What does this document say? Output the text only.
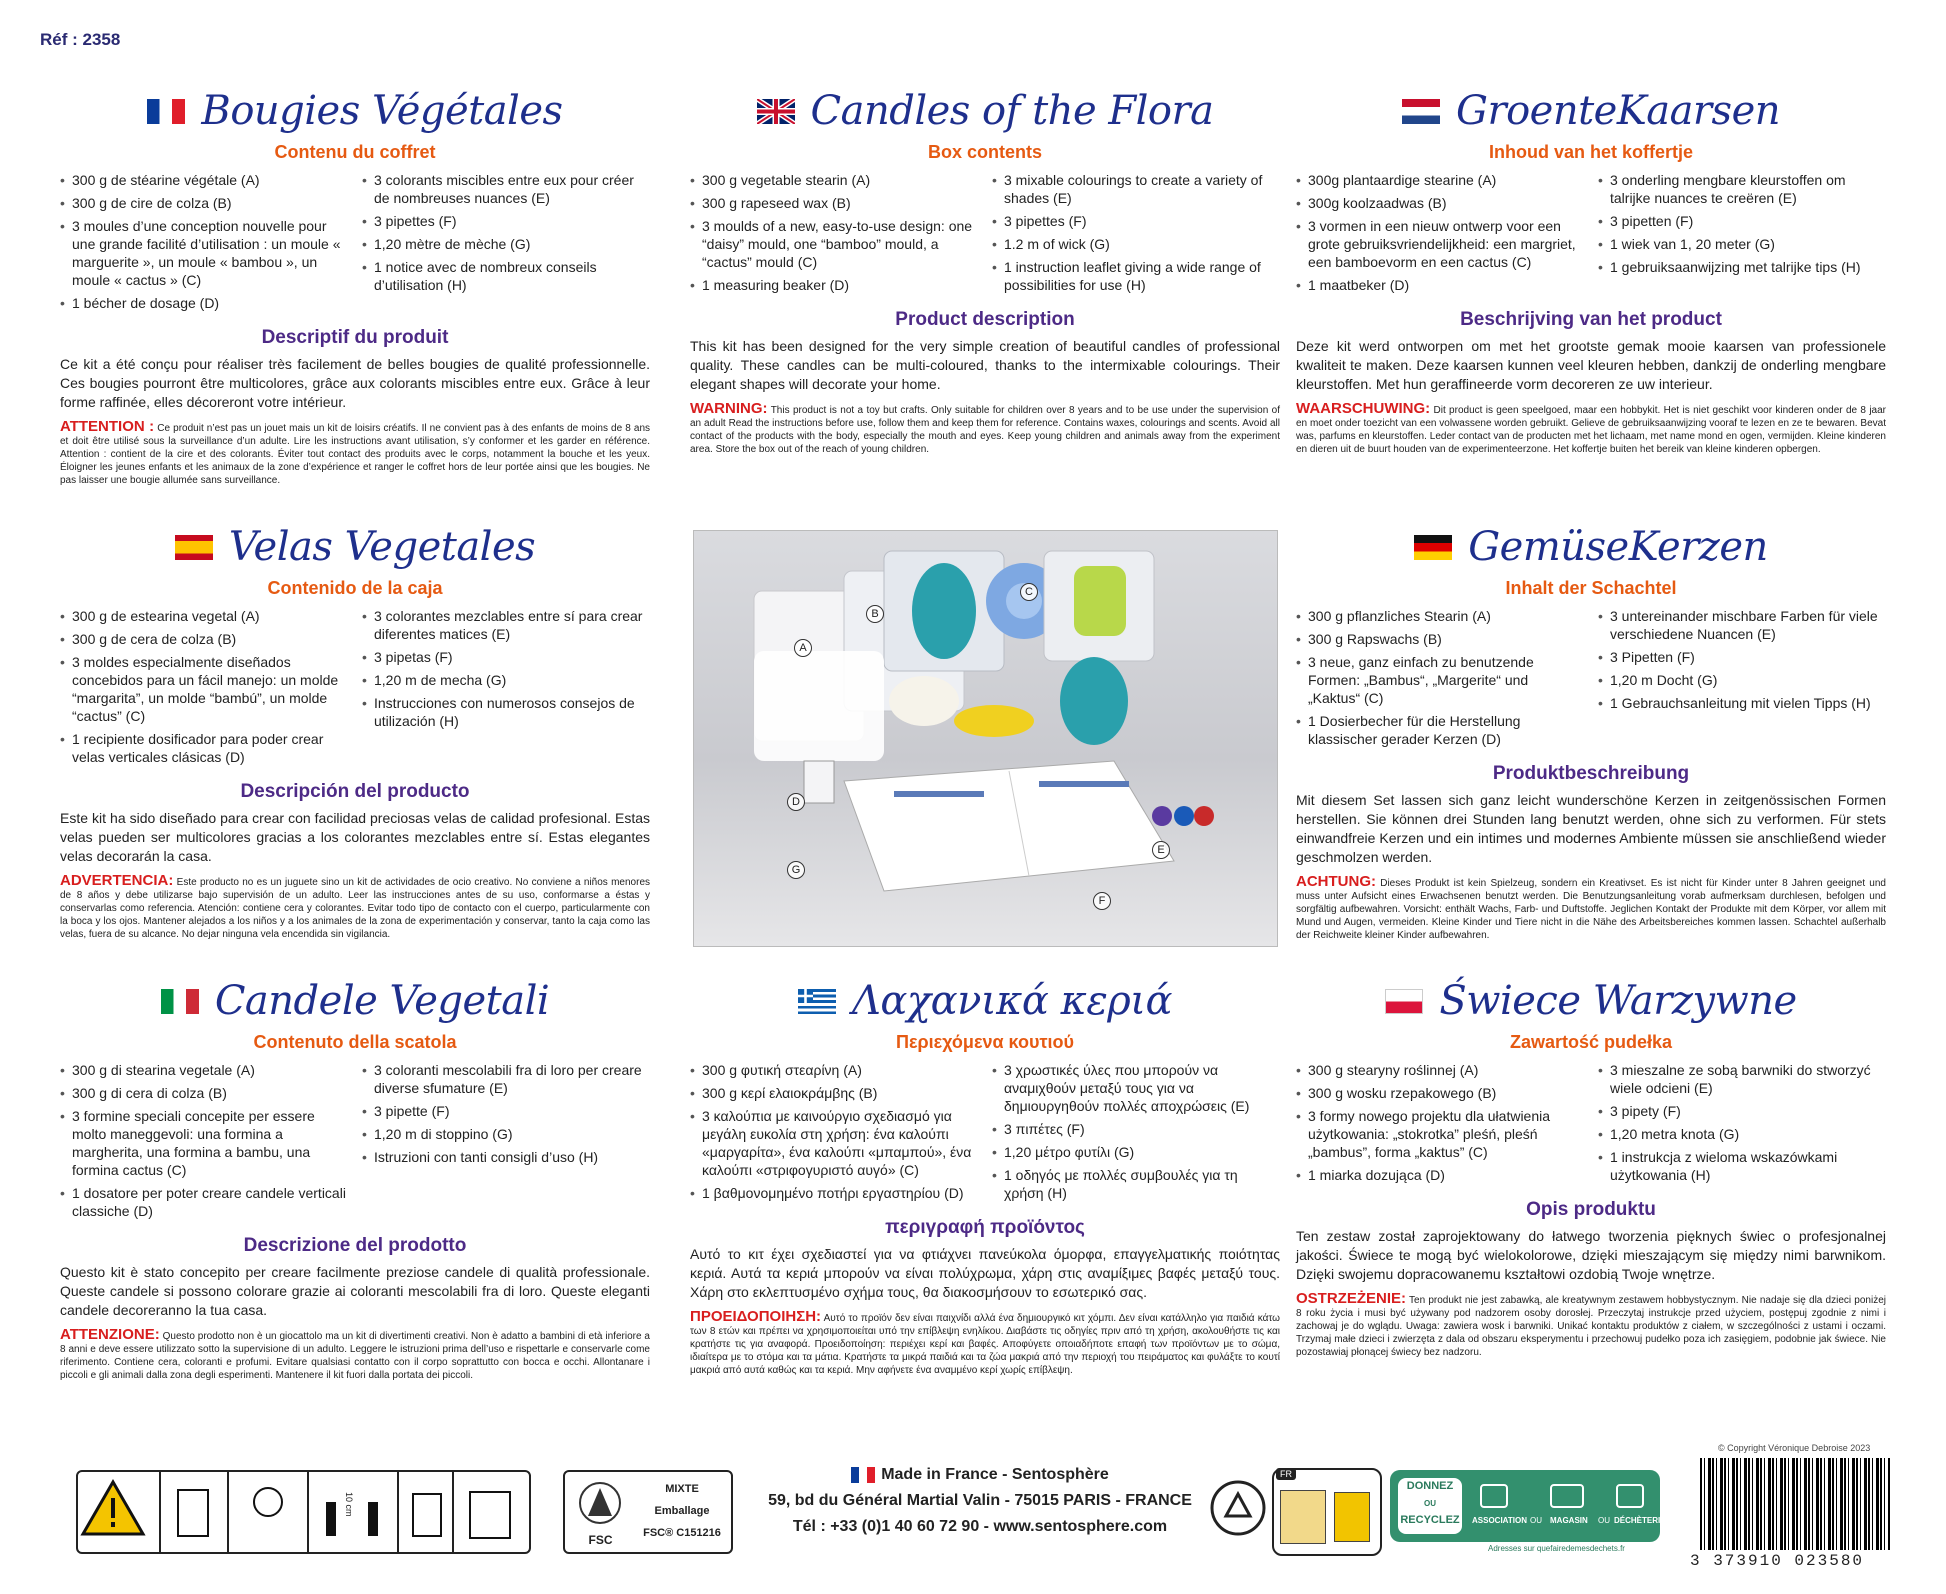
Réf : 2358
Bougies Végétales
Contenu du coffret
• 300 g de stéarine végétale (A)
• 300 g de cire de colza (B)
• 3 moules d’une conception nouvelle pour une grande facilité d’utilisation : un moule « marguerite », un moule « bambou », un moule « cactus » (C)
• 1 bécher de dosage (D)
• 3 colorants miscibles entre eux pour créer de nombreuses nuances (E)
• 3 pipettes (F)
• 1,20 mètre de mèche (G)
• 1 notice avec de nombreux conseils d’utilisation (H)
Descriptif du produit
Ce kit a été conçu pour réaliser très facilement de belles bougies de qualité professionnelle. Ces bougies pourront être multicolores, grâce aux colorants miscibles entre eux. Grâce à leur forme raffinée, elles décoreront votre intérieur.
ATTENTION : Ce produit n’est pas un jouet mais un kit de loisirs créatifs. Il ne convient pas à des enfants de moins de 8 ans et doit être utilisé sous la surveillance d’un adulte. Lire les instructions avant utilisation, s’y conformer et les garder en référence. Attention : contient de la cire et des colorants. Éviter tout contact des produits avec le corps, notamment la bouche et les yeux. Éloigner les jeunes enfants et les animaux de la zone d’expérience et ranger le coffret hors de leur portée ainsi que les bougies. Ne pas laisser une bougie allumée sans surveillance.
Candles of the Flora
Box contents
• 300 g vegetable stearin (A)
• 300 g rapeseed wax (B)
• 3 moulds of a new, easy-to-use design: one “daisy” mould, one “bamboo” mould, a “cactus” mould (C)
• 1 measuring beaker (D)
• 3 mixable colourings to create a variety of shades (E)
• 3 pipettes (F)
• 1.2 m of wick (G)
• 1 instruction leaflet giving a wide range of possibilities for use (H)
Product description
This kit has been designed for the very simple creation of beautiful candles of professional quality. These candles can be multi-coloured, thanks to the intermixable colourings. Their elegant shapes will decorate your home.
WARNING: This product is not a toy but crafts. Only suitable for children over 8 years and to be use under the supervision of an adult Read the instructions before use, follow them and keep them for reference. Contains waxes, colourings and scents. Avoid all contact of the products with the body, especially the mouth and eyes. Keep young children and animals away from the experiment area. Store the box out of the reach of young children.
GroenteKaarsen
Inhoud van het koffertje
• 300g plantaardige stearine (A)
• 300g koolzaadwas (B)
• 3 vormen in een nieuw ontwerp voor een grote gebruiksvriendelijkheid: een margriet, een bamboevorm en een cactus (C)
• 1 maatbeker (D)
• 3 onderling mengbare kleurstoffen om talrijke nuances te creëren (E)
• 3 pipetten (F)
• 1 wiek van 1, 20 meter (G)
• 1 gebruiksaanwijzing met talrijke tips (H)
Beschrijving van het product
Deze kit werd ontworpen om met het grootste gemak mooie kaarsen van professionele kwaliteit te maken. Deze kaarsen kunnen veel kleuren hebben, dankzij de onderling mengbare kleurstoffen. Met hun geraffineerde vorm decoreren ze uw interieur.
WAARSCHUWING: Dit product is geen speelgoed, maar een hobbykit. Het is niet geschikt voor kinderen onder de 8 jaar en moet onder toezicht van een volwassene worden gebruikt. Gelieve de gebruiksaanwijzing vooraf te lezen en ze te bewaren. Bevat was, parfums en kleurstoffen. Leder contact van de producten met het lichaam, met name mond en ogen, vermijden. Kleine kinderen en dieren uit de buurt houden van de experimenteerzone. Het koffertje buiten het bereik van kleine kinderen opbergen.
Velas Vegetales
Contenido de la caja
• 300 g de estearina vegetal (A)
• 300 g de cera de colza (B)
• 3 moldes especialmente diseñados concebidos para un fácil manejo: un molde “margarita”, un molde “bambú”, un molde “cactus” (C)
• 1 recipiente dosificador para poder crear velas verticales clásicas (D)
• 3 colorantes mezclables entre sí para crear diferentes matices (E)
• 3 pipetas (F)
• 1,20 m de mecha (G)
• Instrucciones con numerosos consejos de utilización (H)
Descripción del producto
Este kit ha sido diseñado para crear con facilidad preciosas velas de calidad profesional. Estas velas pueden ser multicolores gracias a los colorantes mezclables entre sí. Estas elegantes velas decorarán la casa.
ADVERTENCIA: Este producto no es un juguete sino un kit de actividades de ocio creativo. No conviene a niños menores de 8 años y debe utilizarse bajo supervisión de un adulto. Leer las instrucciones antes de su uso, conformarse a éstas y conservarlas como referencia. Atención: contiene cera y colorantes. Evitar todo tipo de contacto con el cuerpo, particularmente con la boca y los ojos. Mantener alejados a los niños y a los animales de la zona de experimentación y conservar, tanto la caja como las velas, fuera de su alcance. No dejar ninguna vela encendida sin vigilancia.
GemüseKerzen
Inhalt der Schachtel
• 300 g pflanzliches Stearin (A)
• 300 g Rapswachs (B)
• 3 neue, ganz einfach zu benutzende Formen: „Bambus“, „Margerite“ und „Kaktus“ (C)
• 1 Dosierbecher für die Herstellung klassischer gerader Kerzen (D)
• 3 untereinander mischbare Farben für viele verschiedene Nuancen (E)
• 3 Pipetten (F)
• 1,20 m Docht (G)
• 1 Gebrauchsanleitung mit vielen Tipps (H)
Produktbeschreibung
Mit diesem Set lassen sich ganz leicht wunderschöne Kerzen in zeitgenössischen Formen herstellen. Sie können drei Stunden lang benutzt werden, ohne sich zu verformen. Für stets einwandfreie Kerzen und ein intimes und modernes Ambiente müssen sie anschließend wieder geschmolzen werden.
ACHTUNG: Dieses Produkt ist kein Spielzeug, sondern ein Kreativset. Es ist nicht für Kinder unter 8 Jahren geeignet und muss unter Aufsicht eines Erwachsenen benutzt werden. Die Benutzungsanleitung vorab aufmerksam durchlesen, befolgen und sorgfältig aufbewahren. Vorsicht: enthält Wachs, Farb- und Duftstoffe. Jeglichen Kontakt der Produkte mit dem Körper, vor allem mit Mund und Augen, vermeiden. Kleine Kinder und Tiere nicht in die Nähe des Arbeitsbereiches kommen lassen. Schachtel außerhalb der Reichweite kleiner Kinder aufbewahren.
Candele Vegetali
Contenuto della scatola
• 300 g di stearina vegetale (A)
• 300 g di cera di colza (B)
• 3 formine speciali concepite per essere molto maneggevoli: una formina a margherita, una formina a bambu, una formina cactus (C)
• 1 dosatore per poter creare candele verticali classiche (D)
• 3 coloranti mescolabili fra di loro per creare diverse sfumature (E)
• 3 pipette (F)
• 1,20 m di stoppino (G)
• Istruzioni con tanti consigli d’uso (H)
Descrizione del prodotto
Questo kit è stato concepito per creare facilmente preziose candele di qualità professionale. Queste candele si possono colorare grazie ai coloranti mescolabili fra di loro. Queste eleganti candele decoreranno la tua casa.
ATTENZIONE: Questo prodotto non è un giocattolo ma un kit di divertimenti creativi. Non è adatto a bambini di età inferiore a 8 anni e deve essere utilizzato sotto la supervisione di un adulto. Leggere le istruzioni prima dell’uso e rispettarle e conservarle come riferimento. Contiene cera, coloranti e profumi. Evitare qualsiasi contatto con il corpo soprattutto con bocca e occhi. Allontanare i piccoli e gli animali dalla zona degli esperimenti. Mantenere il kit fuori dalla portata dei piccoli.
Λαχανικά κεριά
Περιεχόμενα κουτιού
• 300 g φυτική στεαρίνη (A)
• 300 g κερί ελαιοκράμβης (B)
• 3 καλούπια με καινούργιο σχεδιασμό για μεγάλη ευκολία στη χρήση: ένα καλούπι «μαργαρίτα», ένα καλούπι «μπαμπού», ένα καλούπι «στριφογυριστό αυγό» (C)
• 1 βαθμονομημένο ποτήρι εργαστηρίου (D)
• 3 χρωστικές ύλες που μπορούν να αναμιχθούν μεταξύ τους για να δημιουργηθούν πολλές αποχρώσεις (E)
• 3 πιπέτες (F)
• 1,20 μέτρο φυτίλι (G)
• 1 οδηγός με πολλές συμβουλές για τη χρήση (H)
περιγραφή προϊόντος
Αυτό το κιτ έχει σχεδιαστεί για να φτιάχνει πανεύκολα όμορφα, επαγγελματικής ποιότητας κεριά. Αυτά τα κεριά μπορούν να είναι πολύχρωμα, χάρη στις αναμίξιμες βαφές μεταξύ τους. Χάρη στο εκλεπτυσμένο σχήμα τους, θα διακοσμήσουν το εσωτερικό σας.
ΠΡΟΕΙΔΟΠΟΙΗΣΗ: Αυτό το προϊόν δεν είναι παιχνίδι αλλά ένα δημιουργικό κιτ χόμπι. Δεν είναι κατάλληλο για παιδιά κάτω των 8 ετών και πρέπει να χρησιμοποιείται υπό την επίβλεψη ενηλίκου. Διαβάστε τις οδηγίες πριν από τη χρήση, ακολουθήστε τις και κρατήστε τις για αναφορά. Προειδοποίηση: περιέχει κερί και βαφές. Αποφύγετε οποιαδήποτε επαφή των προϊόντων με το σώμα, ιδιαίτερα με το στόμα και τα μάτια. Κρατήστε τα μικρά παιδιά και τα ζώα μακριά από την περιοχή του πειράματος και φυλάξτε το κουτί μακριά από αυτά καθώς και τα κεριά. Μην αφήνετε ένα αναμμένο κερί χωρίς επίβλεψη.
Świece Warzywne
Zawartość pudełka
• 300 g stearyny roślinnej (A)
• 300 g wosku rzepakowego (B)
• 3 formy nowego projektu dla ułatwienia użytkowania: „stokrotka” pleśń, pleśń „bambus”, forma „kaktus” (C)
• 1 miarka dozująca (D)
• 3 mieszalne ze sobą barwniki do stworzyć wiele odcieni (E)
• 3 pipety (F)
• 1,20 metra knota (G)
• 1 instrukcja z wieloma wskazówkami użytkowania (H)
Opis produktu
Ten zestaw został zaprojektowany do łatwego tworzenia pięknych świec o profesjonalnej jakości. Świece te mogą być wielokolorowe, dzięki mieszającym się między nimi barwnikom. Dzięki swojemu dopracowanemu kształtowi ozdobią Twoje wnętrze.
OSTRZEŻENIE: Ten produkt nie jest zabawką, ale kreatywnym zestawem hobbystycznym. Nie nadaje się dla dzieci poniżej 8 roku życia i musi być używany pod nadzorem osoby dorosłej. Przeczytaj instrukcje przed użyciem, postępuj zgodnie z nimi i zachowaj je do wglądu. Uwaga: zawiera wosk i barwniki. Unikać kontaktu produktów z ciałem, w szczególności z ustami i oczami. Trzymaj małe dzieci i zwierzęta z dala od obszaru eksperymentu i przechowuj pudełko poza ich zasięgiem, podobnie jak świece. Nie pozostawiaj płonącej świecy bez nadzoru.
A
B
C
D
E
F
G
10 cm
FSC
MIXTE
Emballage
FSC® C151216
Made in France - Sentosphère
59, bd du Général Martial Valin - 75015 PARIS - FRANCE
Tél : +33 (0)1 40 60 72 90 - www.sentosphere.com
FR
DONNEZ
OU
RECYCLEZ ASSOCIATION OU MAGASIN OU DÉCHÈTERIE
Adresses sur quefairedemesdechets.fr
© Copyright Véronique Debroise 2023
3 373910 023580
